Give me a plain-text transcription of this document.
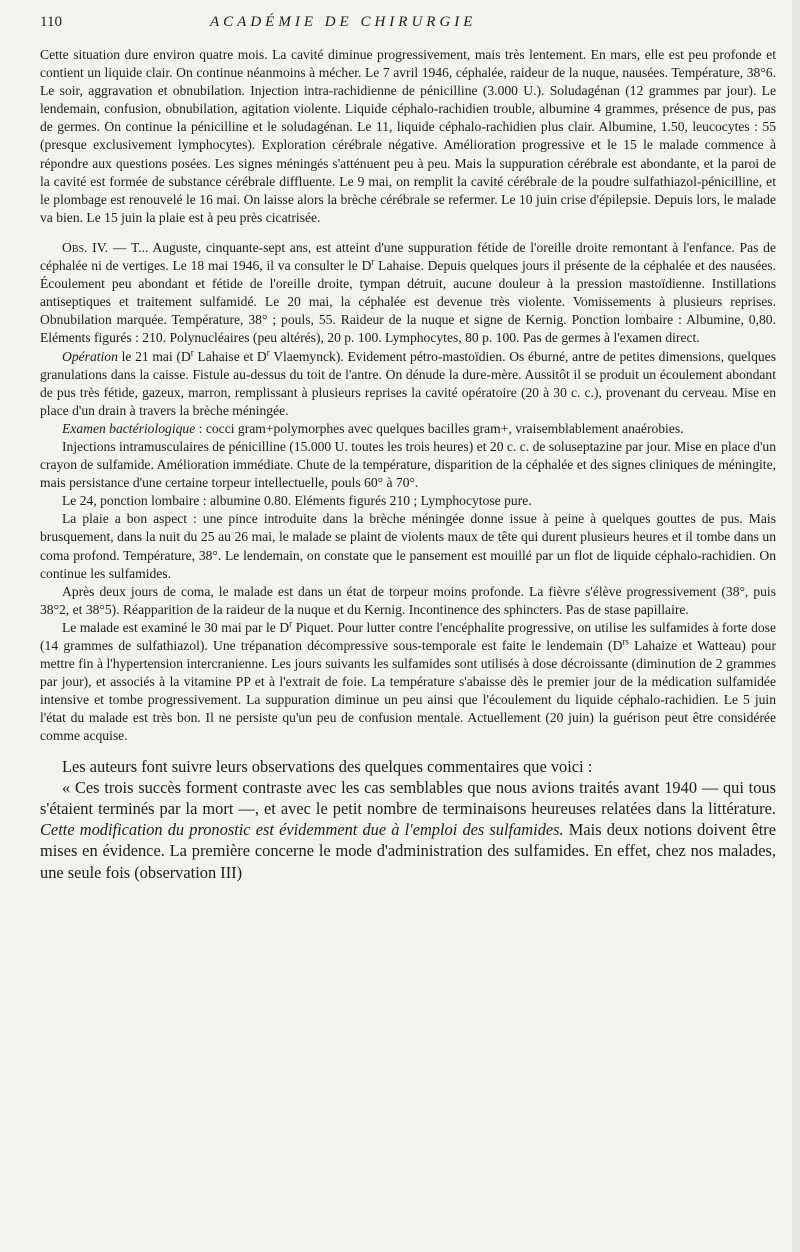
110	ACADÉMIE DE CHIRURGIE

Cette situation dure environ quatre mois. La cavité diminue progressivement, mais très lentement. En mars, elle est peu profonde et contient un liquide clair. On continue néanmoins à mécher. Le 7 avril 1946, céphalée, raideur de la nuque, nausées. Température, 38°6. Le soir, aggravation et obnubilation. Injection intra-rachidienne de pénicilline (3.000 U.). Soludagénan (12 grammes par jour). Le lendemain, confusion, obnubilation, agitation violente. Liquide céphalo-rachidien trouble, albumine 4 grammes, présence de pus, pas de germes. On continue la pénicilline et le soludagénan. Le 11, liquide céphalo-rachidien plus clair. Albumine, 1.50, leucocytes : 55 (presque exclusivement lymphocytes). Exploration cérébrale négative. Amélioration progressive et le 15 le malade commence à répondre aux questions posées. Les signes méningés s'atténuent peu à peu. Mais la suppuration cérébrale est abondante, et la paroi de la cavité est formée de substance cérébrale diffluente. Le 9 mai, on remplit la cavité cérébrale de la poudre sulfathiazol-pénicilline, et le plombage est renouvelé le 16 mai. On laisse alors la brèche cérébrale se refermer. Le 10 juin crise d'épilepsie. Depuis lors, le malade va bien. Le 15 juin la plaie est à peu près cicatrisée.

Obs. IV. — T... Auguste, cinquante-sept ans, est atteint d'une suppuration fétide de l'oreille droite remontant à l'enfance. Pas de céphalée ni de vertiges. Le 18 mai 1946, il va consulter le $D^r$ Lahaise. Depuis quelques jours il présente de la céphalée et des nausées. Écoulement peu abondant et fétide de l'oreille droite, tympan détruit, aucune douleur à la pression mastoïdienne. Instillations antiseptiques et traitement sulfamidé. Le 20 mai, la céphalée est devenue très violente. Vomissements à plusieurs reprises. Obnubilation marquée. Température, 38° ; pouls, 55. Raideur de la nuque et signe de Kernig. Ponction lombaire : Albumine, 0,80. Eléments figurés : 210. Polynucléaires (peu altérés), 20 p. 100. Lymphocytes, 80 p. 100. Pas de germes à l'examen direct.

Opération le 21 mai ($D^r$ Lahaise et $D^r$ Vlaemynck). Evidement pétro-mastoïdien. Os éburné, antre de petites dimensions, quelques granulations dans la caisse. Fistule au-dessus du toit de l'antre. On dénude la dure-mère. Aussitôt il se produit un écoulement abondant de pus très fétide, gazeux, marron, remplissant à plusieurs reprises la cavité opératoire (20 à 30 c. c.), provenant du cerveau. Mise en place d'un drain à travers la brèche méningée.

Examen bactériologique : cocci gram+polymorphes avec quelques bacilles gram+, vraisemblablement anaérobies.

Injections intramusculaires de pénicilline (15.000 U. toutes les trois heures) et 20 c. c. de soluseptazine par jour. Mise en place d'un crayon de sulfamide. Amélioration immédiate. Chute de la température, disparition de la céphalée et des signes cliniques de méningite, mais persistance d'une certaine torpeur intellectuelle, pouls 60° à 70°.

Le 24, ponction lombaire : albumine 0.80. Eléments figurés 210 ; Lymphocytose pure.

La plaie a bon aspect : une pince introduite dans la brèche méningée donne issue à peine à quelques gouttes de pus. Mais brusquement, dans la nuit du 25 au 26 mai, le malade se plaint de violents maux de tête qui durent plusieurs heures et il tombe dans un coma profond. Température, 38°. Le lendemain, on constate que le pansement est mouillé par un flot de liquide céphalo-rachidien. On continue les sulfamides.

Après deux jours de coma, le malade est dans un état de torpeur moins profonde. La fièvre s'élève progressivement (38°, puis 38°2, et 38°5). Réapparition de la raideur de la nuque et du Kernig. Incontinence des sphincters. Pas de stase papillaire.

Le malade est examiné le 30 mai par le $D^r$ Piquet. Pour lutter contre l'encéphalite progressive, on utilise les sulfamides à forte dose (14 grammes de sulfathiazol). Une trépanation décompressive sous-temporale est faite le lendemain ($D^{rs}$ Lahaize et Watteau) pour mettre fin à l'hypertension intercranienne. Les jours suivants les sulfamides sont utilisés à dose décroissante (diminution de 2 grammes par jour), et associés à la vitamine PP et à l'extrait de foie. La température s'abaisse dès le premier jour de la médication sulfamidée intensive et tombe progressivement. La suppuration diminue un peu ainsi que l'écoulement du liquide céphalo-rachidien. Le 5 juin l'état du malade est très bon. Il ne persiste qu'un peu de confusion mentale. Actuellement (20 juin) la guérison peut être considérée comme acquise.

Les auteurs font suivre leurs observations des quelques commentaires que voici :

« Ces trois succès forment contraste avec les cas semblables que nous avions traités avant 1940 — qui tous s'étaient terminés par la mort —, et avec le petit nombre de terminaisons heureuses relatées dans la littérature. Cette modification du pronostic est évidemment due à l'emploi des sulfamides. Mais deux notions doivent être mises en évidence. La première concerne le mode d'administration des sulfamides. En effet, chez nos malades, une seule fois (observation III)
